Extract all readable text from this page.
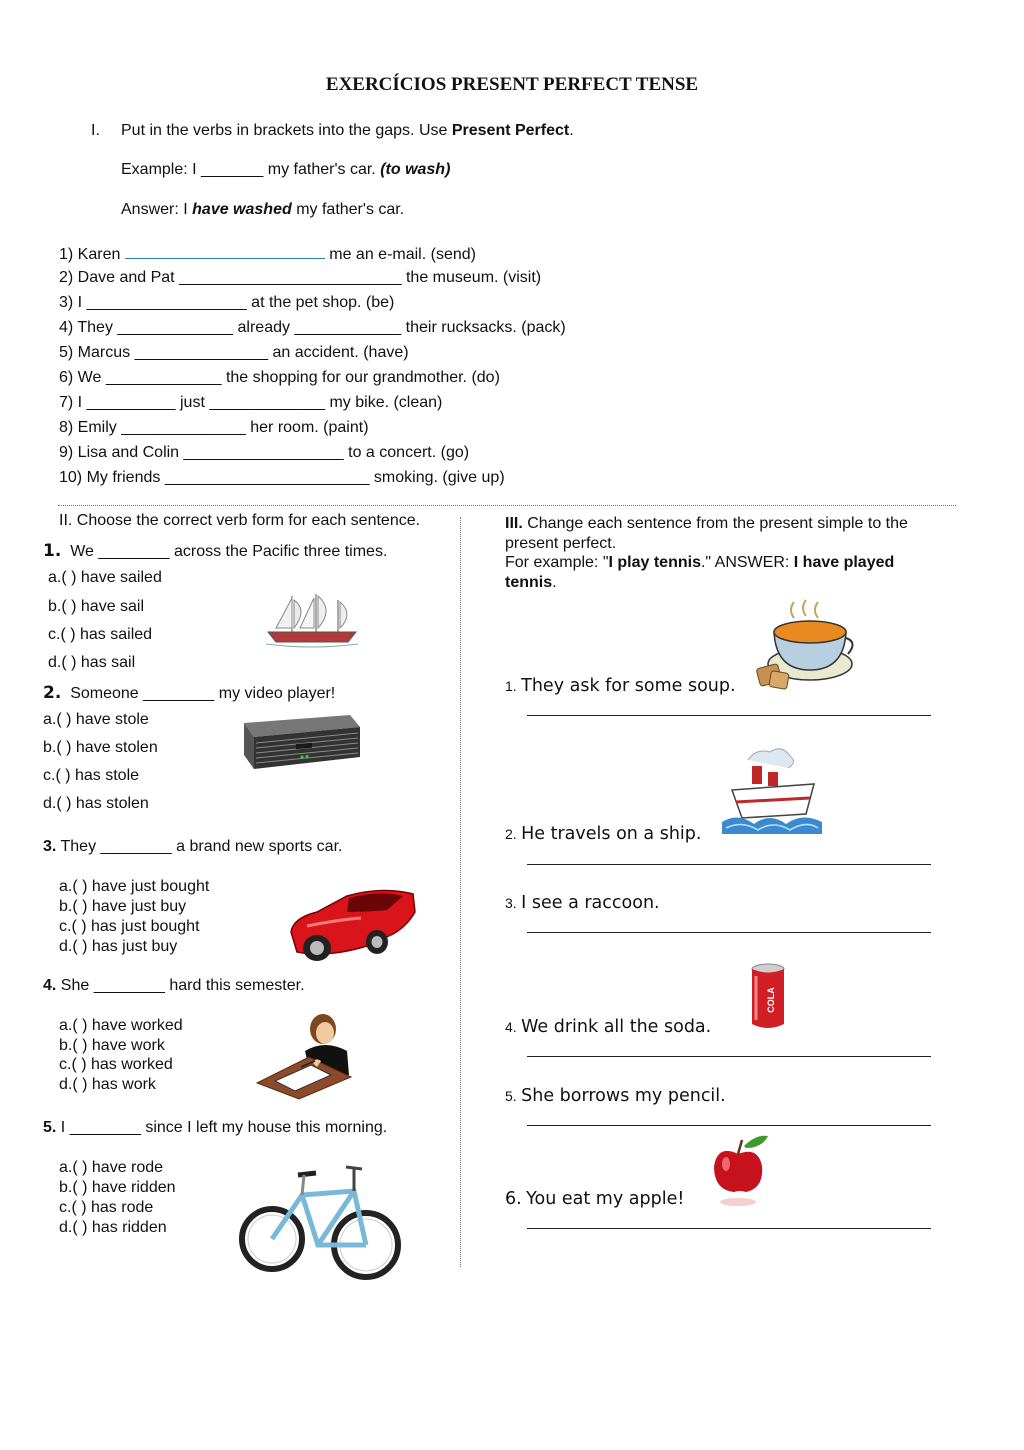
EXERCÍCIOS PRESENT PERFECT TENSE
I. Put in the verbs in brackets into the gaps. Use Present Perfect.
Example: I _______ my father's car. (to wash)
Answer: I have washed my father's car.
1) Karen	me an e-mail. (send)
2) Dave and Pat _________________________ the museum. (visit)
3) I __________________ at the pet shop. (be)
4) They _____________ already ____________ their rucksacks. (pack)
5) Marcus _______________ an accident. (have)
6) We _____________ the shopping for our grandmother. (do)
7) I __________ just _____________ my bike. (clean)
8) Emily ______________ her room. (paint)
9) Lisa and Colin __________________ to a concert. (go)
10) My friends _______________________ smoking. (give up)
II. Choose the correct verb form for each sentence.
1. We ________ across the Pacific three times.
a.( ) have sailed
b.( ) have sail
c.( ) has sailed
d.( ) has sail
2. Someone ________ my video player!
a.( ) have stole
b.( ) have stolen
c.( ) has stole
d.( ) has stolen
3. They ________ a brand new sports car.
a.( ) have just bought
b.( ) have just buy
c.( ) has just bought
d.( ) has just buy
4. She ________ hard this semester.
a.( ) have worked
b.( ) have work
c.( ) has worked
d.( ) has work
5. I ________ since I left my house this morning.
a.( ) have rode
b.( ) have ridden
c.( ) has rode
d.( ) has ridden
III. Change each sentence from the present simple to the
present perfect.
For example: "I play tennis." ANSWER: I have played
tennis.
1. They ask for some soup.
2. He travels on a ship.
3. I see a raccoon.
4. We drink all the soda.
5. She borrows my pencil.
6. You eat my apple!
COLA
